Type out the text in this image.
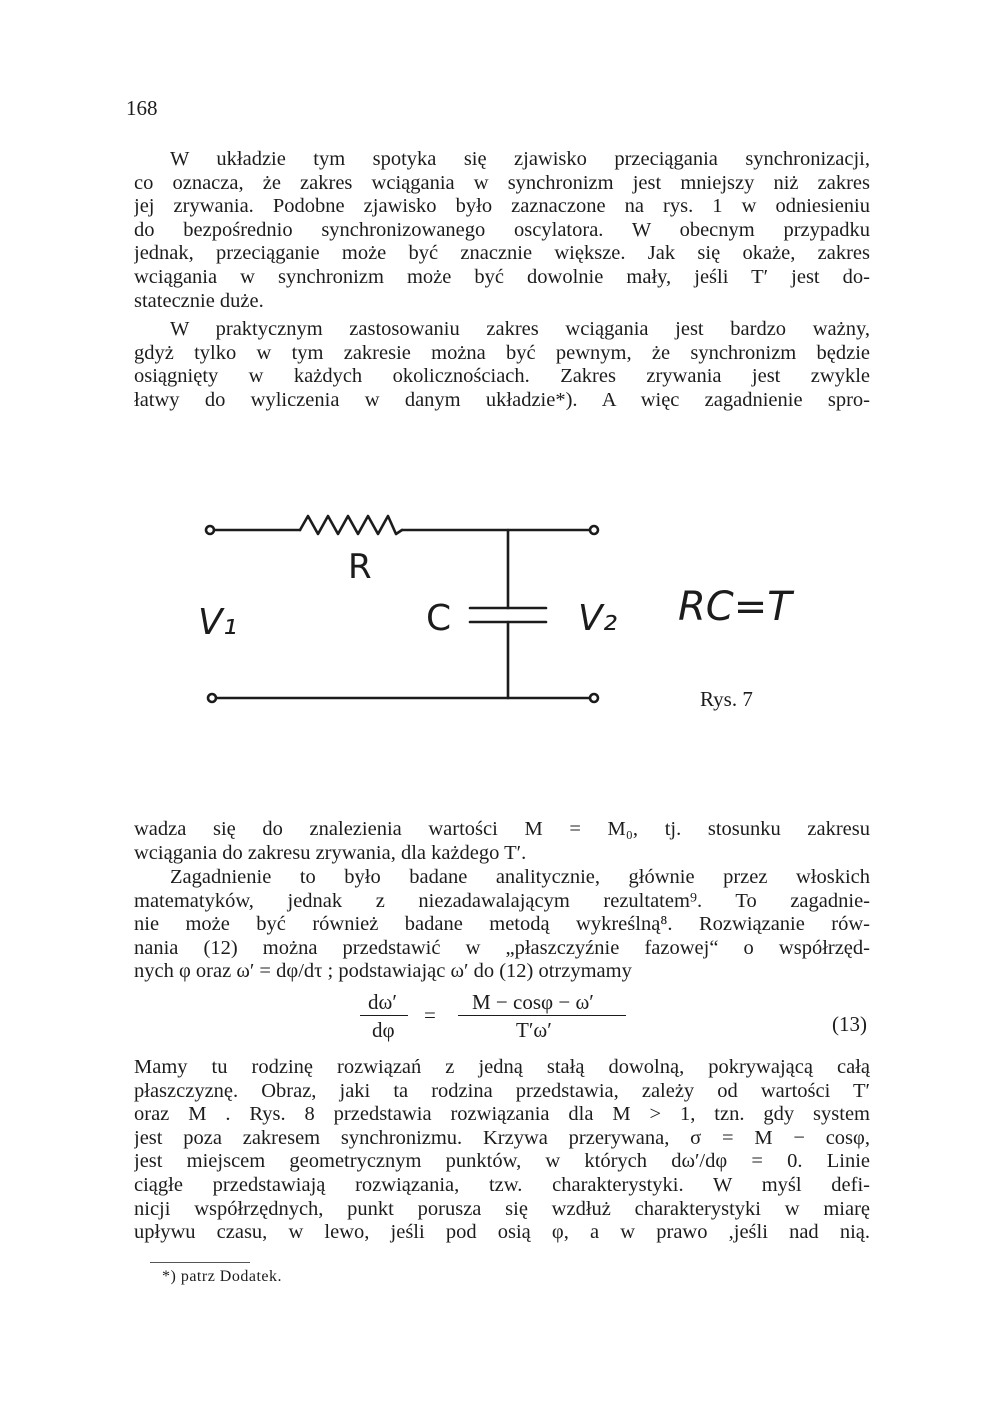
168
W układzie tym spotyka się zjawisko przeciągania synchronizacji,
co oznacza, że zakres wciągania w synchronizm jest mniejszy niż zakres
jej zrywania. Podobne zjawisko było zaznaczone na rys. 1 w odniesieniu
do bezpośrednio synchronizowanego oscylatora. W obecnym przypadku
jednak, przeciąganie może być znacznie większe. Jak się okaże, zakres
wciągania w synchronizm może być dowolnie mały, jeśli T′ jest do-
statecznie duże.
W praktycznym zastosowaniu zakres wciągania jest bardzo ważny,
gdyż tylko w tym zakresie można być pewnym, że synchronizm będzie
osiągnięty w każdych okolicznościach. Zakres zrywania jest zwykle
łatwy do wyliczenia w danym układzie*). A więc zagadnienie spro-
R
C
V₁	V₂ RC=T
Rys. 7
wadza się do znalezienia wartości M = M₀, tj. stosunku zakresu
wciągania do zakresu zrywania, dla każdego T′.
Zagadnienie to było badane analitycznie, głównie przez włoskich
matematyków, jednak z niezadawalającym rezultatem⁹. To zagadnie-
nie może być również badane metodą wykreślną⁸. Rozwiązanie rów-
nania (12) można przedstawić w „płaszczyźnie fazowej“ o współrzęd-
nych φ oraz ω′ = dφ/dτ ; podstawiając ω′ do (12) otrzymamy
dω′
dφ
=
M − cosφ − ω′
T′ω′	(13)
Mamy tu rodzinę rozwiązań z jedną stałą dowolną, pokrywającą całą
płaszczyznę. Obraz, jaki ta rodzina przedstawia, zależy od wartości T′
oraz M . Rys. 8 przedstawia rozwiązania dla M > 1, tzn. gdy system
jest poza zakresem synchronizmu. Krzywa przerywana, σ = M − cosφ,
jest miejscem geometrycznym punktów, w których dω′/dφ = 0. Linie
ciągłe przedstawiają rozwiązania, tzw. charakterystyki. W myśl defi-
nicji współrzędnych, punkt porusza się wzdłuż charakterystyki w miarę
upływu czasu, w lewo, jeśli pod osią φ, a w prawo ,jeśli nad nią.
*) patrz Dodatek.
